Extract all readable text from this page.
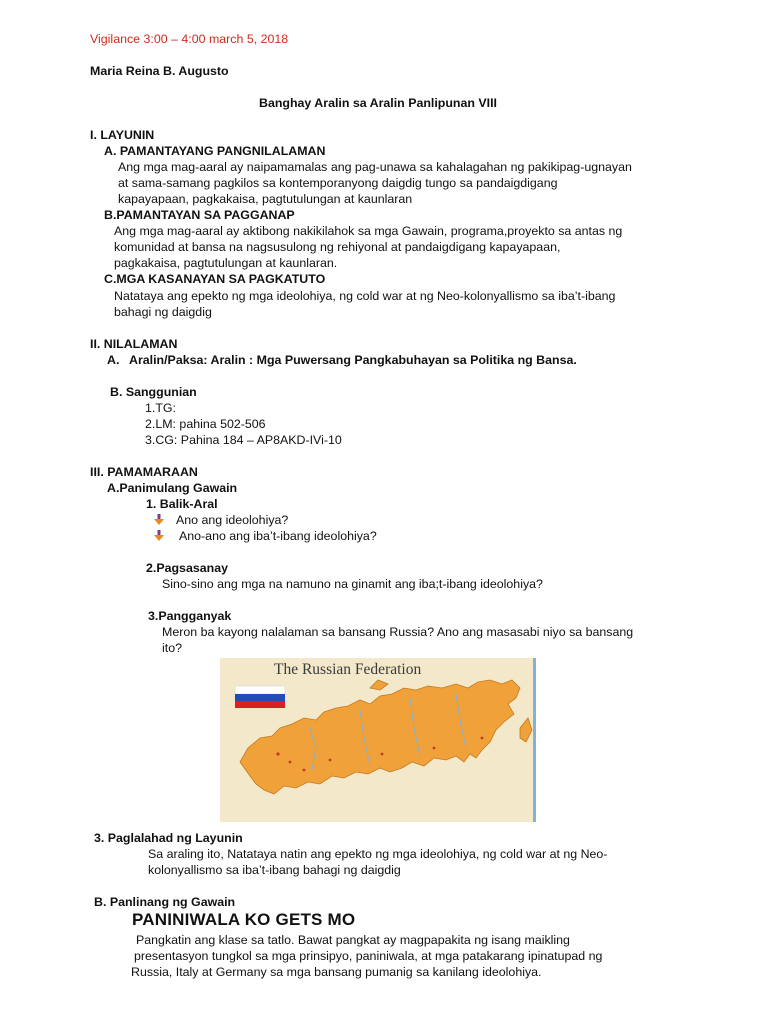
Vigilance 3:00 – 4:00 march 5, 2018
Maria Reina B. Augusto
Banghay Aralin sa Aralin Panlipunan VIII
I. LAYUNIN
A. PAMANTAYANG PANGNILALAMAN
Ang mga mag-aaral ay naipamamalas ang pag-unawa sa kahalagahan ng pakikipag-ugnayan
at sama-samang pagkilos sa kontemporanyong daigdig tungo sa pandaigdigang
kapayapaan, pagkakaisa, pagtutulungan at kaunlaran
B.PAMANTAYAN SA PAGGANAP
Ang mga mag-aaral ay aktibong nakikilahok sa mga Gawain, programa,proyekto sa antas ng
komunidad at bansa na nagsusulong ng rehiyonal at pandaigdigang kapayapaan,
pagkakaisa, pagtutulungan at kaunlaran.
C.MGA KASANAYAN SA PAGKATUTO
Natataya ang epekto ng mga ideolohiya, ng cold war at ng Neo-kolonyallismo sa iba’t-ibang
bahagi ng daigdig
II. NILALAMAN
A. Aralin/Paksa: Aralin : Mga Puwersang Pangkabuhayan sa Politika ng Bansa.
B. Sanggunian
1.TG:
2.LM: pahina 502-506
3.CG: Pahina 184 – AP8AKD-IVi-10
III. PAMAMARAAN
A.Panimulang Gawain
1. Balik-Aral
Ano ang ideolohiya?
Ano-ano ang iba’t-ibang ideolohiya?
2.Pagsasanay
Sino-sino ang mga na namuno na ginamit ang iba;t-ibang ideolohiya?
3.Pangganyak
Meron ba kayong nalalaman sa bansang Russia? Ano ang masasabi niyo sa bansang
ito?
The Russian Federation
3. Paglalahad ng Layunin
Sa araling ito, Natataya natin ang epekto ng mga ideolohiya, ng cold war at ng Neo-
kolonyallismo sa iba’t-ibang bahagi ng daigdig
B. Panlinang ng Gawain
PANINIWALA KO GETS MO
Pangkatin ang klase sa tatlo. Bawat pangkat ay magpapakita ng isang maikling
presentasyon tungkol sa mga prinsipyo, paniniwala, at mga patakarang ipinatupad ng
Russia, Italy at Germany sa mga bansang pumanig sa kanilang ideolohiya.
